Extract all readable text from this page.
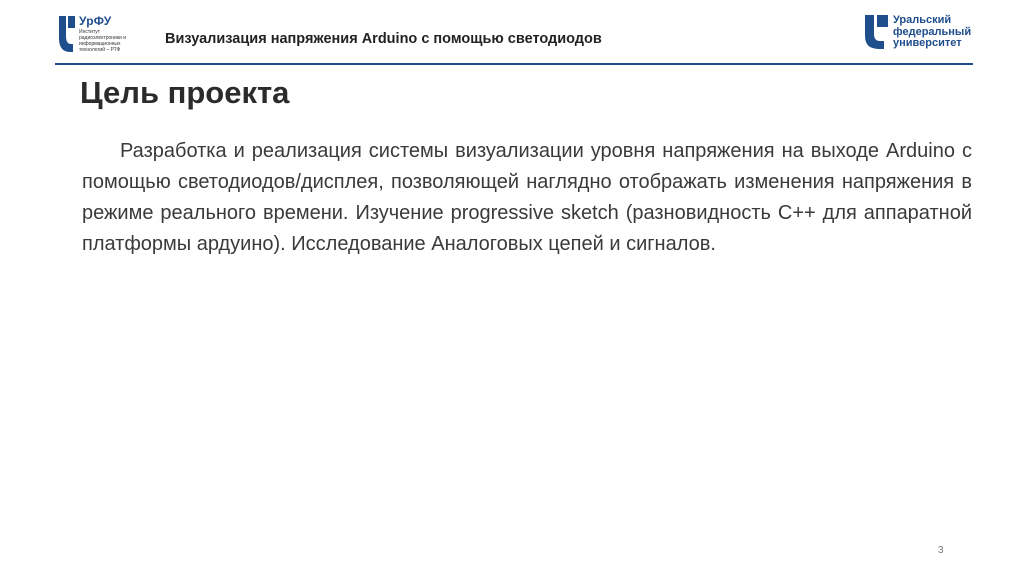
УрФУ
Институт радиоэлектроники и информационных технологий – РТФ
Визуализация напряжения Arduino с помощью светодиодов
Уральский
федеральный
университет
Цель проекта

Разработка и реализация системы визуализации уровня напряжения на выходе Arduino с помощью светодиодов/дисплея, позволяющей наглядно отображать изменения напряжения в режиме реального времени. Изучение progressive sketch (разновидность С++ для аппаратной платформы ардуино). Исследование Аналоговых цепей и сигналов.

3
